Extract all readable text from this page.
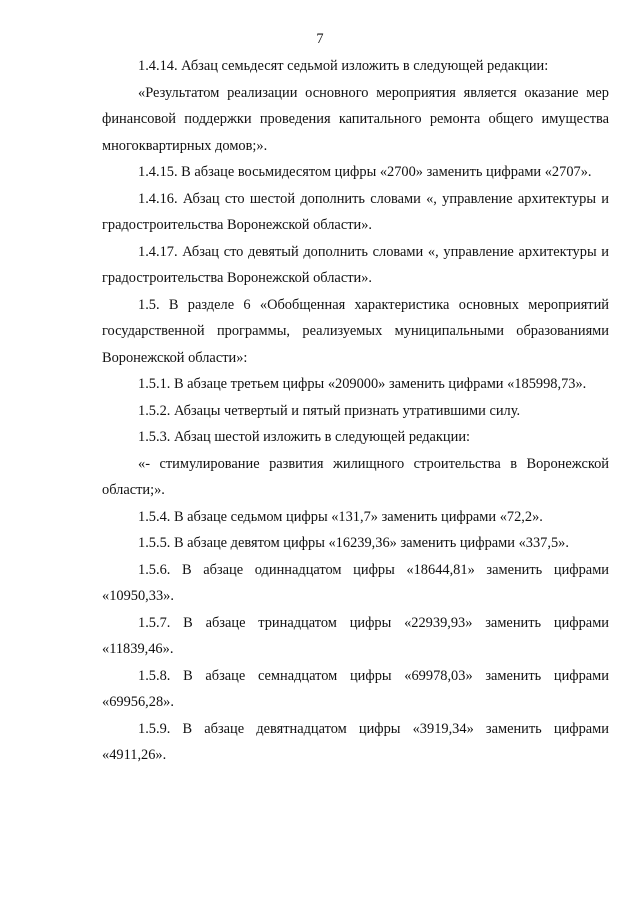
7

1.4.14. Абзац семьдесят седьмой изложить в следующей редакции:

«Результатом реализации основного мероприятия является оказание мер финансовой поддержки проведения капитального ремонта общего имущества многоквартирных домов;».

1.4.15. В абзаце восьмидесятом цифры «2700» заменить цифрами «2707».

1.4.16. Абзац сто шестой дополнить словами «, управление архитектуры и градостроительства Воронежской области».

1.4.17. Абзац сто девятый дополнить словами «, управление архитектуры и градостроительства Воронежской области».

1.5. В разделе 6 «Обобщенная характеристика основных мероприятий государственной программы, реализуемых муниципальными образованиями Воронежской области»:

1.5.1. В абзаце третьем цифры «209000» заменить цифрами «185998,73».

1.5.2. Абзацы четвертый и пятый признать утратившими силу.

1.5.3. Абзац шестой изложить в следующей редакции:

«- стимулирование развития жилищного строительства в Воронежской области;».

1.5.4. В абзаце седьмом цифры «131,7» заменить цифрами «72,2».

1.5.5. В абзаце девятом цифры «16239,36» заменить цифрами «337,5».

1.5.6. В абзаце одиннадцатом цифры «18644,81» заменить цифрами «10950,33».

1.5.7. В абзаце тринадцатом цифры «22939,93» заменить цифрами «11839,46».

1.5.8. В абзаце семнадцатом цифры «69978,03» заменить цифрами «69956,28».

1.5.9. В абзаце девятнадцатом цифры «3919,34» заменить цифрами «4911,26».
